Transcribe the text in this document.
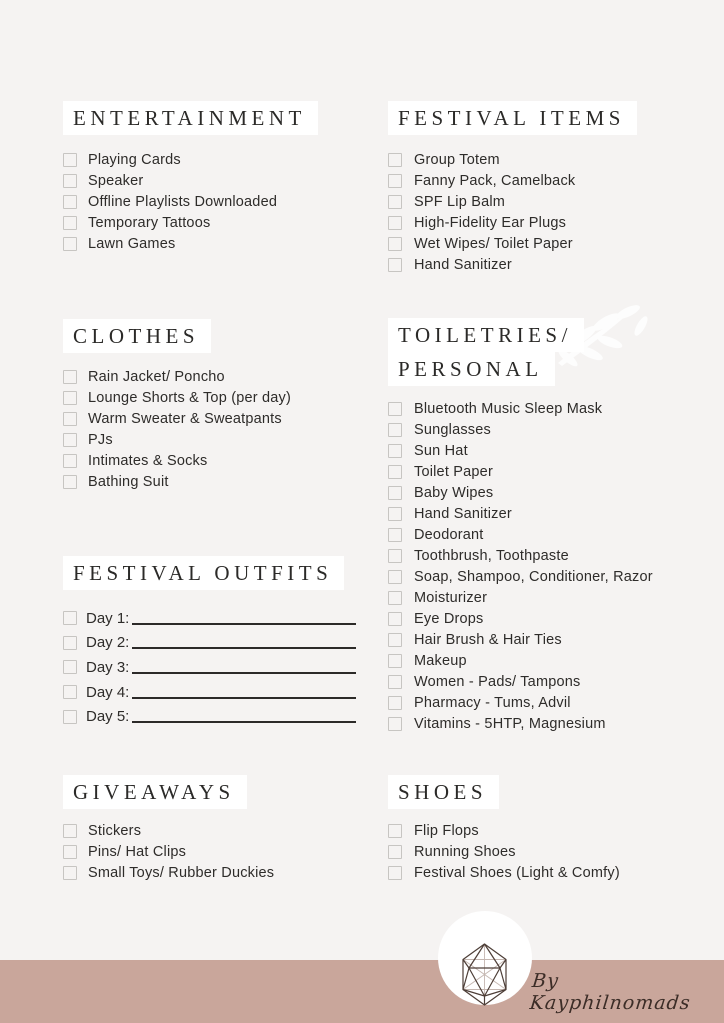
ENTERTAINMENT
Playing Cards
Speaker
Offline Playlists Downloaded
Temporary Tattoos
Lawn Games
FESTIVAL ITEMS
Group Totem
Fanny Pack, Camelback
SPF Lip Balm
High-Fidelity Ear Plugs
Wet Wipes/ Toilet Paper
Hand Sanitizer
CLOTHES
Rain Jacket/ Poncho
Lounge Shorts & Top (per day)
Warm Sweater & Sweatpants
PJs
Intimates & Socks
Bathing Suit
TOILETRIES/
PERSONAL
Bluetooth Music Sleep Mask
Sunglasses
Sun Hat
Toilet Paper
Baby Wipes
Hand Sanitizer
Deodorant
Toothbrush, Toothpaste
Soap, Shampoo, Conditioner, Razor
Moisturizer
Eye Drops
Hair Brush & Hair Ties
Makeup
Women - Pads/ Tampons
Pharmacy - Tums, Advil
Vitamins - 5HTP, Magnesium
FESTIVAL OUTFITS
Day 1:
Day 2:
Day 3:
Day 4:
Day 5:
GIVEAWAYS
Stickers
Pins/ Hat Clips
Small Toys/ Rubber Duckies
SHOES
Flip Flops
Running Shoes
Festival Shoes (Light & Comfy)
By Kayphilnomads
